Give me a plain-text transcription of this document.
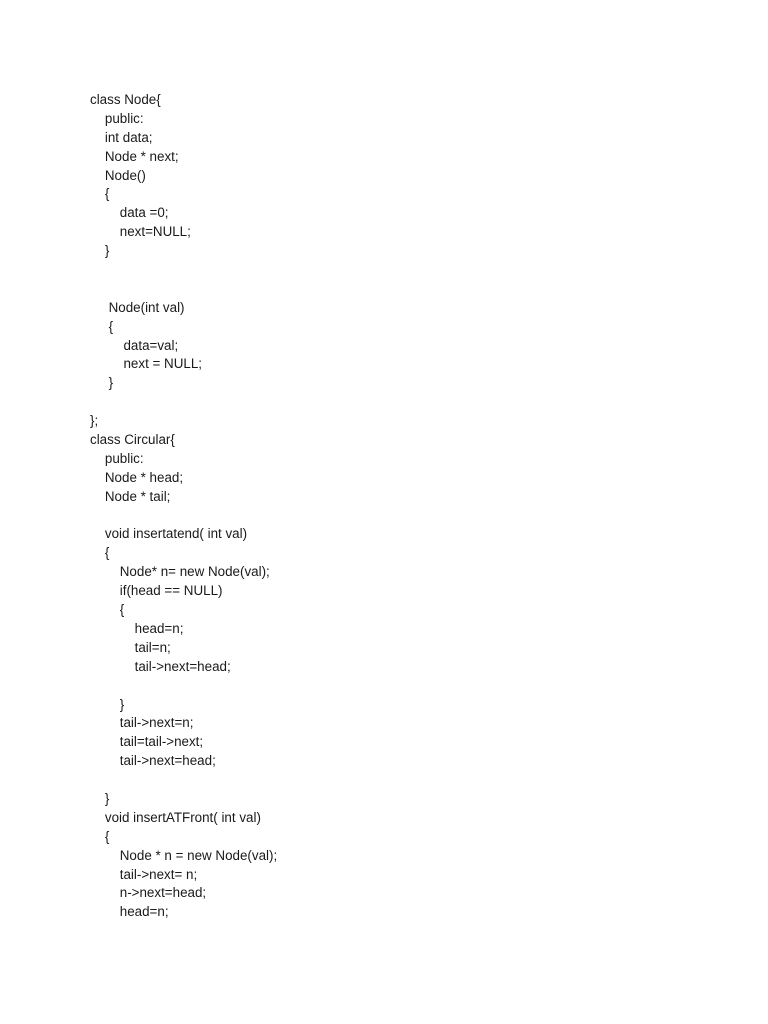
class Node{
public:
int data;
Node * next;
Node()
{
data =0;
next=NULL;
}
Node(int val)
{
data=val;
next = NULL;
}
};
class Circular{
public:
Node * head;
Node * tail;
void insertatend( int val)
{
Node* n= new Node(val);
if(head == NULL)
{
head=n;
tail=n;
tail->next=head;
}
tail->next=n;
tail=tail->next;
tail->next=head;
}
void insertATFront( int val)
{
Node * n = new Node(val);
tail->next= n;
n->next=head;
head=n;
